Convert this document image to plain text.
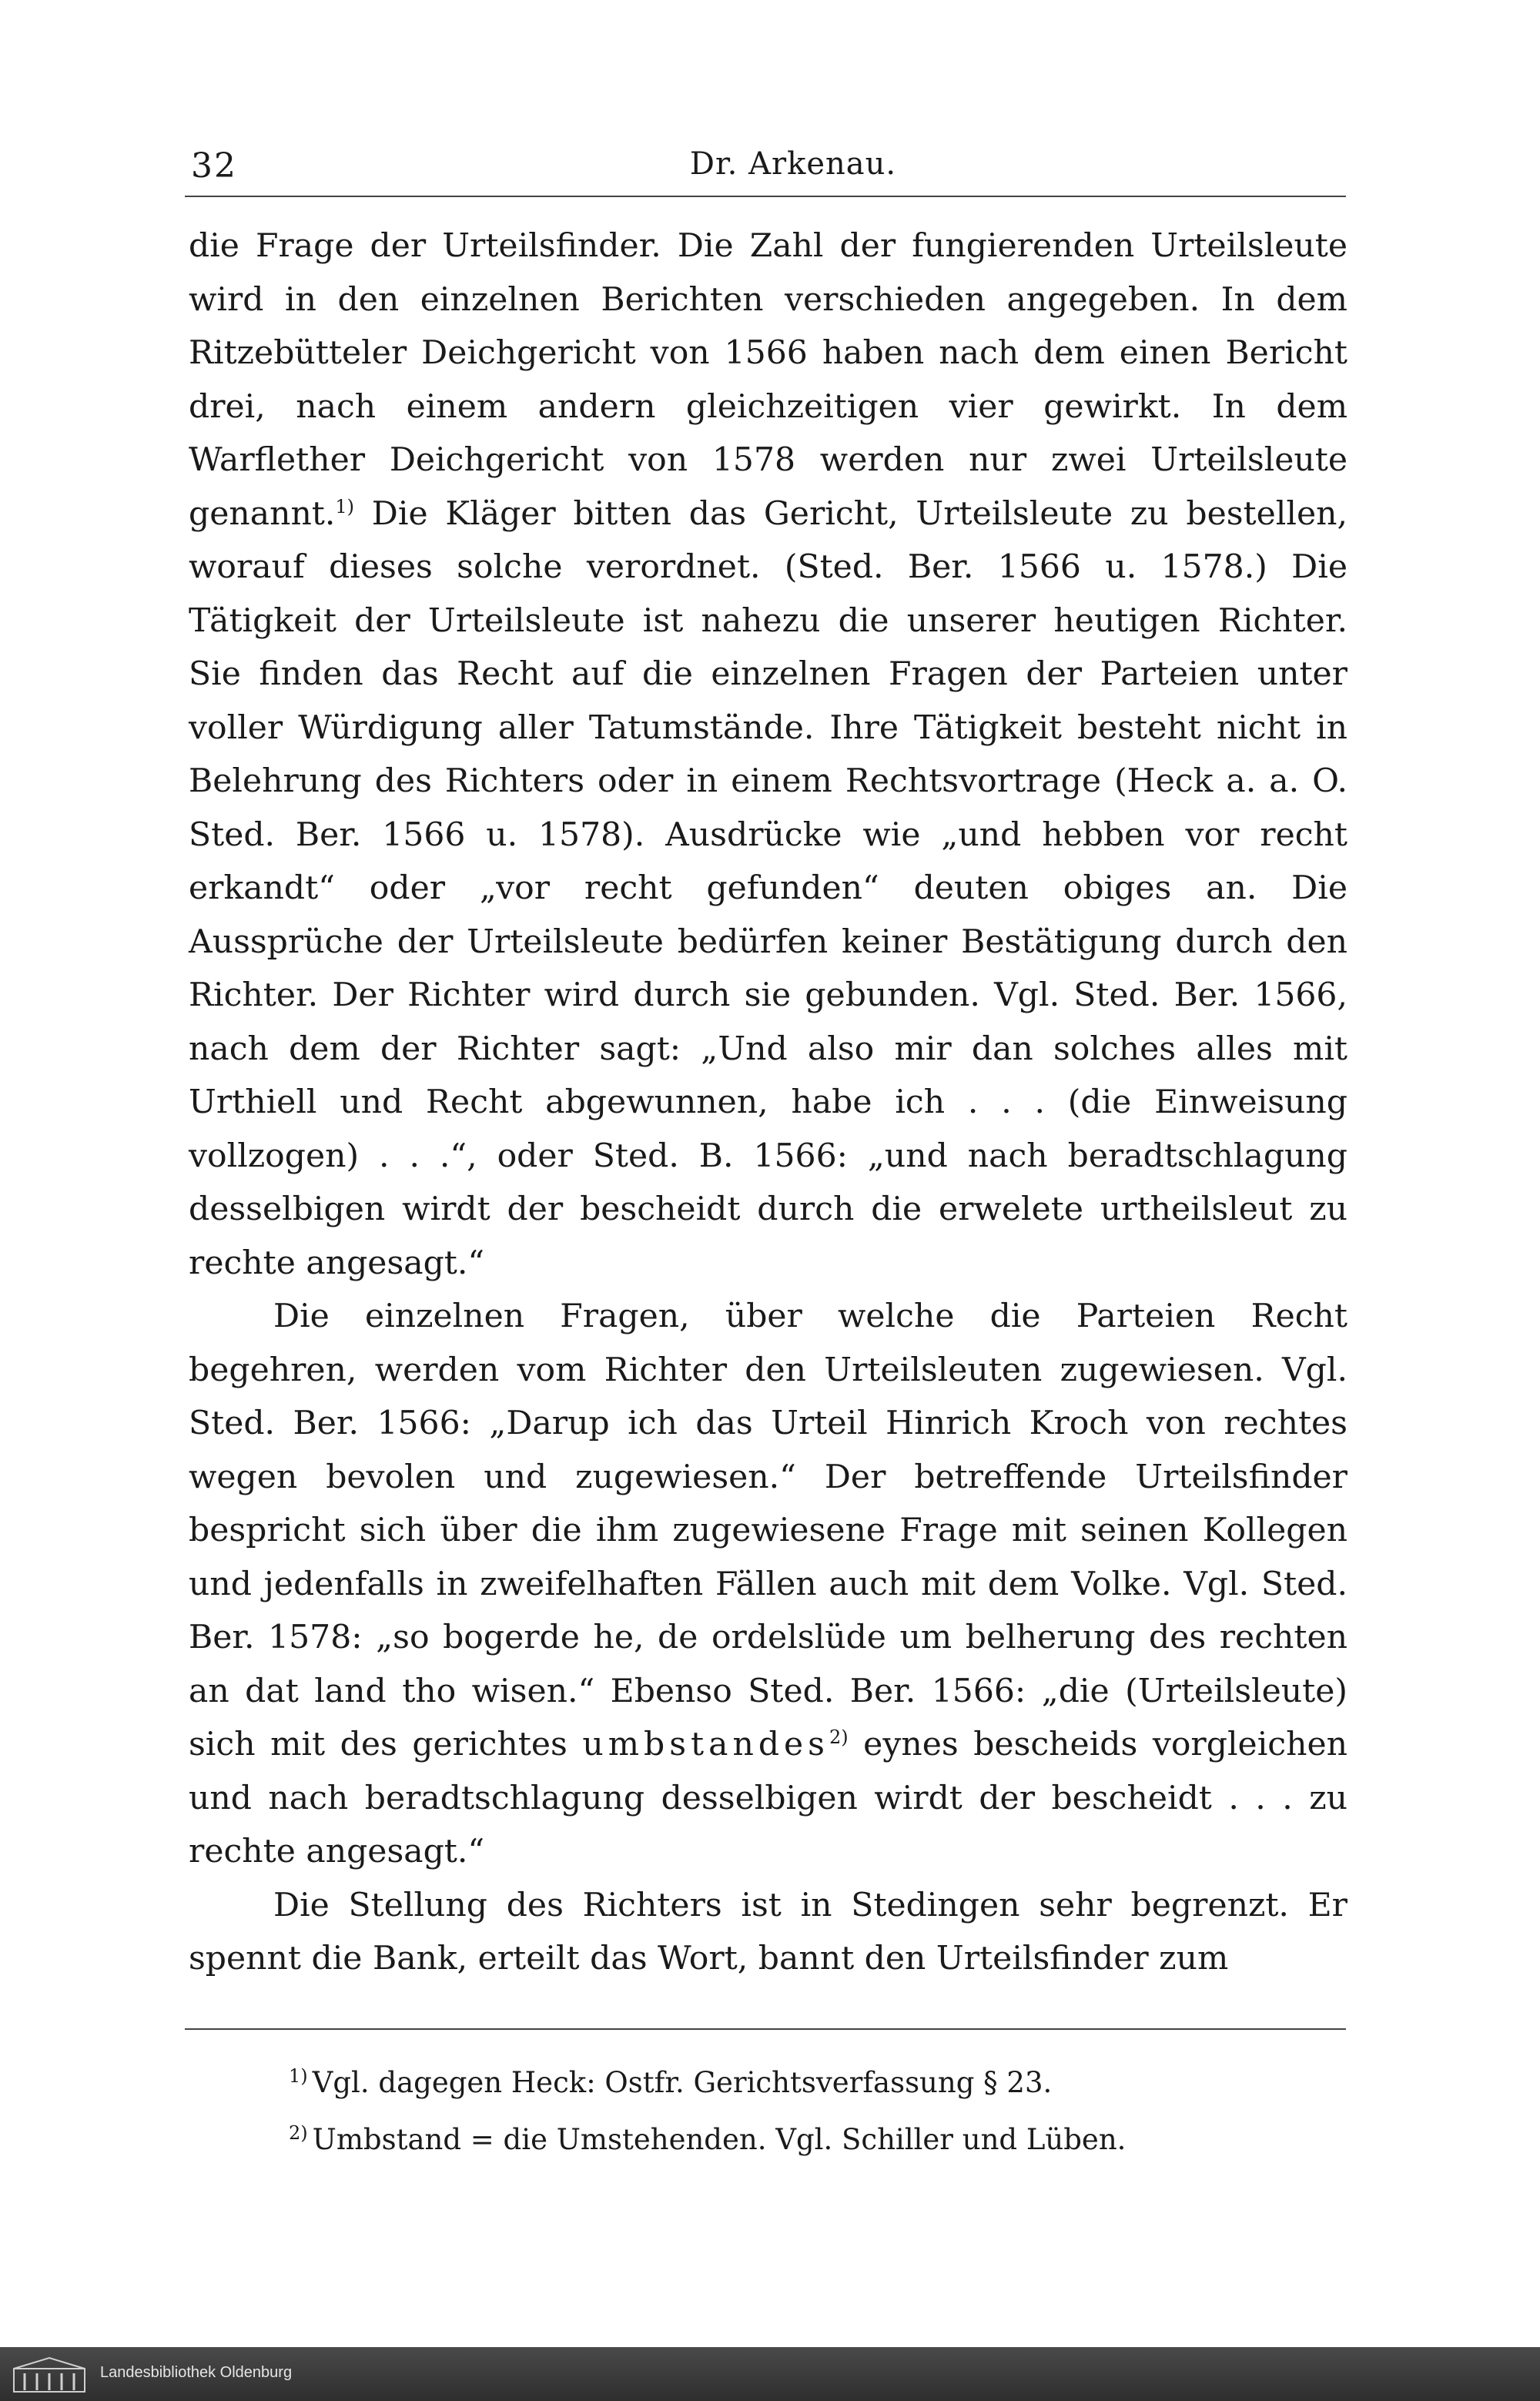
32	Dr. Arkenau.

die Frage der Urteilsfinder. Die Zahl der fungierenden Urteilsleute wird in den einzelnen Berichten verschieden angegeben. In dem Ritzebütteler Deichgericht von 1566 haben nach dem einen Bericht drei, nach einem andern gleichzeitigen vier gewirkt. In dem Warflether Deichgericht von 1578 werden nur zwei Urteilsleute genannt.$^{1)}$ Die Kläger bitten das Gericht, Urteilsleute zu bestellen, worauf dieses solche verordnet. (Sted. Ber. 1566 u. 1578.) Die Tätigkeit der Urteilsleute ist nahezu die unserer heutigen Richter. Sie finden das Recht auf die einzelnen Fragen der Parteien unter voller Würdigung aller Tatumstände. Ihre Tätigkeit besteht nicht in Belehrung des Richters oder in einem Rechtsvortrage (Heck a. a. O. Sted. Ber. 1566 u. 1578). Ausdrücke wie „und hebben vor recht erkandt“ oder „vor recht gefunden“ deuten obiges an. Die Aussprüche der Urteilsleute bedürfen keiner Bestätigung durch den Richter. Der Richter wird durch sie gebunden. Vgl. Sted. Ber. 1566, nach dem der Richter sagt: „Und also mir dan solches alles mit Urthiell und Recht abgewunnen, habe ich . . . (die Einweisung vollzogen) . . .“, oder Sted. B. 1566: „und nach beradtschlagung desselbigen wirdt der bescheidt durch die erwelete urtheilsleut zu rechte angesagt.“

Die einzelnen Fragen, über welche die Parteien Recht begehren, werden vom Richter den Urteilsleuten zugewiesen. Vgl. Sted. Ber. 1566: „Darup ich das Urteil Hinrich Kroch von rechtes wegen bevolen und zugewiesen.“ Der betreffende Urteilsfinder bespricht sich über die ihm zugewiesene Frage mit seinen Kollegen und jedenfalls in zweifelhaften Fällen auch mit dem Volke. Vgl. Sted. Ber. 1578: „so bogerde he, de ordelslüde um belherung des rechten an dat land tho wisen.“ Ebenso Sted. Ber. 1566: „die (Urteilsleute) sich mit des gerichtes umbstandes$^{2)}$ eynes bescheids vorgleichen und nach beradtschlagung desselbigen wirdt der bescheidt . . . zu rechte angesagt.“

Die Stellung des Richters ist in Stedingen sehr begrenzt. Er spennt die Bank, erteilt das Wort, bannt den Urteilsfinder zum

$^{1)}$ Vgl. dagegen Heck: Ostfr. Gerichtsverfassung § 23.
$^{2)}$ Umbstand = die Umstehenden. Vgl. Schiller und Lüben.
Landesbibliothek Oldenburg
